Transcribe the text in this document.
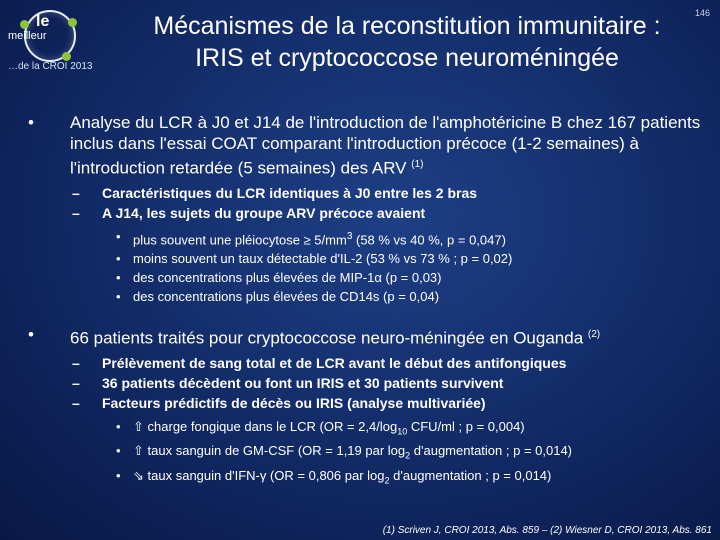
le
meilleur
…de la CROI 2013
146
Mécanismes de la reconstitution immunitaire :
IRIS et cryptococcose neuroméningée
• Analyse du LCR à J0 et J14 de l'introduction de l'amphotéricine B chez 167 patients inclus dans l'essai COAT comparant l'introduction précoce (1-2 semaines) à l'introduction retardée (5 semaines) des ARV $^{(1)}$
– Caractéristiques du LCR identiques à J0 entre les 2 bras
– A J14, les sujets du groupe ARV précoce avaient
• plus souvent une pléiocytose ≥ $5/mm^3$ (58 % vs 40 %, p = 0,047)
• moins souvent un taux détectable d'IL-2 (53 % vs 73 % ; p = 0,02)
• des concentrations plus élevées de MIP-1α (p = 0,03)
• des concentrations plus élevées de CD14s (p = 0,04)
• 66 patients traités pour cryptococcose neuro-méningée en Ouganda $^{(2)}$
– Prélèvement de sang total et de LCR avant le début des antifongiques
– 36 patients décèdent ou font un IRIS et 30 patients survivent
– Facteurs prédictifs de décès ou IRIS (analyse multivariée)
• ⇧ charge fongique dans le LCR ($OR = 2,4/\log_{10}$ CFU/ml ; p = 0,004)
• ⇧ taux sanguin de GM-CSF (OR = 1,19 par $\log_2$ d'augmentation ; p = 0,014)
• ⇘ taux sanguin d'IFN-γ (OR = 0,806 par $\log_2$ d'augmentation ; p = 0,014)
(1) Scriven J, CROI 2013, Abs. 859 – (2) Wiesner D, CROI 2013, Abs. 861
